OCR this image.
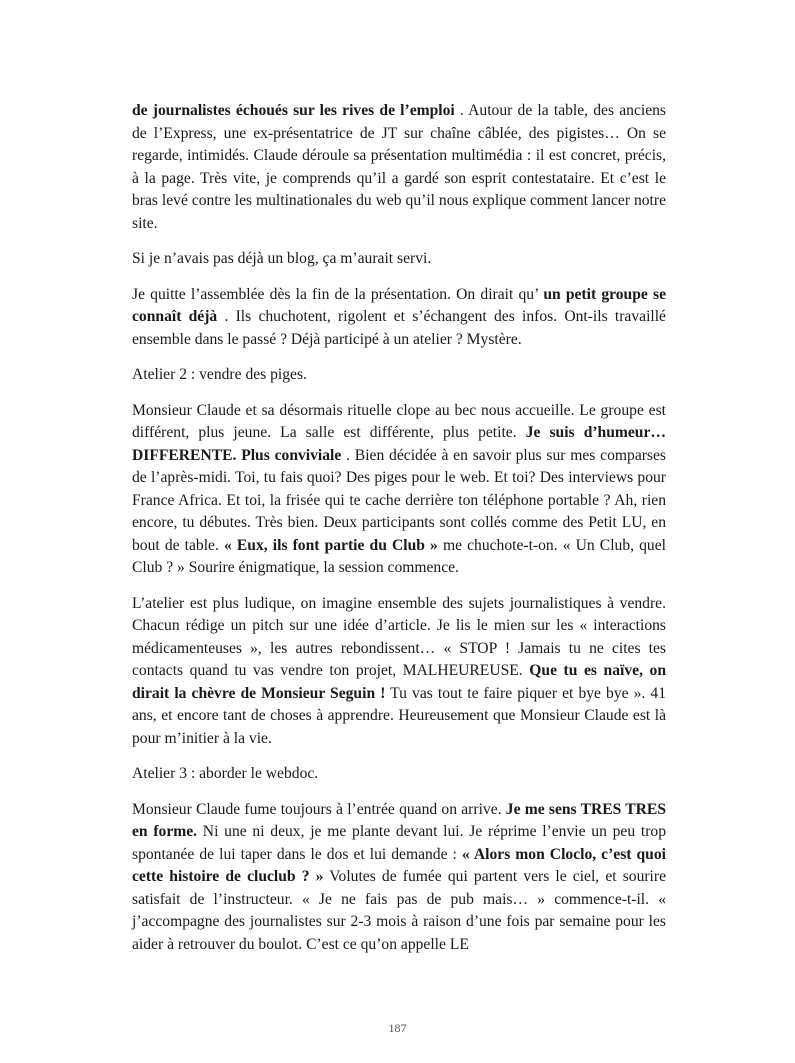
de journalistes échoués sur les rives de l’emploi . Autour de la table, des anciens de l’Express, une ex-présentatrice de JT sur chaîne câblée, des pigistes… On se regarde, intimidés. Claude déroule sa présentation multimédia : il est concret, précis, à la page. Très vite, je comprends qu’il a gardé son esprit contestataire. Et c’est le bras levé contre les multinationales du web qu’il nous explique comment lancer notre site.

Si je n’avais pas déjà un blog, ça m’aurait servi.

Je quitte l’assemblée dès la fin de la présentation. On dirait qu’ un petit groupe se connaît déjà . Ils chuchotent, rigolent et s’échangent des infos. Ont-ils travaillé ensemble dans le passé ? Déjà participé à un atelier ? Mystère.

Atelier 2 : vendre des piges.

Monsieur Claude et sa désormais rituelle clope au bec nous accueille. Le groupe est différent, plus jeune. La salle est différente, plus petite. Je suis d’humeur… DIFFERENTE. Plus conviviale . Bien décidée à en savoir plus sur mes comparses de l’après-midi. Toi, tu fais quoi? Des piges pour le web. Et toi? Des interviews pour France Africa. Et toi, la frisée qui te cache derrière ton téléphone portable ? Ah, rien encore, tu débutes. Très bien. Deux participants sont collés comme des Petit LU, en bout de table. « Eux, ils font partie du Club » me chuchote-t-on. « Un Club, quel Club ? » Sourire énigmatique, la session commence.

L’atelier est plus ludique, on imagine ensemble des sujets journalistiques à vendre. Chacun rédige un pitch sur une idée d’article. Je lis le mien sur les « interactions médicamenteuses », les autres rebondissent… « STOP ! Jamais tu ne cites tes contacts quand tu vas vendre ton projet, MALHEUREUSE. Que tu es naïve, on dirait la chèvre de Monsieur Seguin ! Tu vas tout te faire piquer et bye bye ». 41 ans, et encore tant de choses à apprendre. Heureusement que Monsieur Claude est là pour m’initier à la vie.

Atelier 3 : aborder le webdoc.

Monsieur Claude fume toujours à l’entrée quand on arrive. Je me sens TRES TRES en forme. Ni une ni deux, je me plante devant lui. Je réprime l’envie un peu trop spontanée de lui taper dans le dos et lui demande : « Alors mon Cloclo, c’est quoi cette histoire de cluclub ? » Volutes de fumée qui partent vers le ciel, et sourire satisfait de l’instructeur. « Je ne fais pas de pub mais… » commence-t-il. « j’accompagne des journalistes sur 2-3 mois à raison d’une fois par semaine pour les aider à retrouver du boulot. C’est ce qu’on appelle LE

187
